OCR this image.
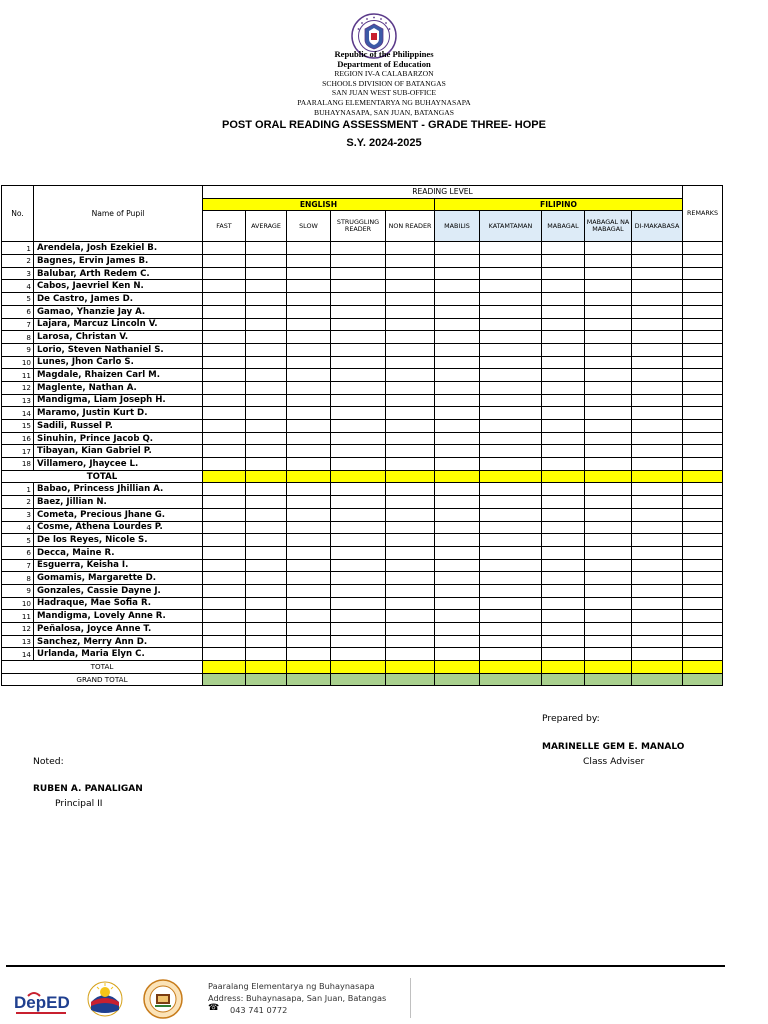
Republic of the Philippines
Department of Education
REGION IV-A CALABARZON
SCHOOLS DIVISION OF BATANGAS
SAN JUAN WEST SUB-OFFICE
PAARALANG ELEMENTARYA NG BUHAYNASAPA
BUHAYNASAPA, SAN JUAN, BATANGAS
POST ORAL READING ASSESSMENT - GRADE THREE- HOPE
S.Y. 2024-2025
No.	Name of Pupil	READING LEVEL										REMARKS
		ENGLISH					FILIPINO					
		FAST	AVERAGE	SLOW	STRUGGLING READER	NON READER	MABILIS	KATAMTAMAN	MABAGAL	MABAGAL NA MABAGAL	DI-MAKABASA	
1	Arendela, Josh Ezekiel B.											
2	Bagnes, Ervin James B.											
3	Balubar, Arth Redem C.											
4	Cabos, Jaevriel Ken N.											
5	De Castro, James D.											
6	Gamao, Yhanzie Jay A.											
7	Lajara, Marcuz Lincoln V.											
8	Larosa, Christan V.											
9	Lorio, Steven Nathaniel S.											
10	Lunes, Jhon Carlo S.											
11	Magdale, Rhaizen Carl M.											
12	Maglente, Nathan A.											
13	Mandigma, Liam Joseph H.											
14	Maramo, Justin Kurt D.											
15	Sadili, Russel P.											
16	Sinuhin, Prince Jacob Q.											
17	Tibayan, Kian Gabriel P.											
18	Villamero, Jhaycee L.											
TOTAL												
1	Babao, Princess Jhillian A.											
2	Baez, Jillian N.											
3	Cometa, Precious Jhane G.											
4	Cosme, Athena Lourdes P.											
5	De los Reyes, Nicole S.											
6	Decca, Maine R.											
7	Esguerra, Keisha I.											
8	Gomamis, Margarette D.											
9	Gonzales, Cassie Dayne J.											
10	Hadraque, Mae Sofia R.											
11	Mandigma, Lovely Anne R.											
12	Peñalosa, Joyce Anne T.											
13	Sanchez, Merry Ann D.											
14	Urlanda, Maria Elyn C.											
TOTAL												
GRAND TOTAL												
Prepared by:
MARINELLE GEM E. MANALO
Class Adviser
Noted:
RUBEN A. PANALIGAN
Principal II
DepED
Paaralang Elementarya ng Buhaynasapa
Address: Buhaynasapa, San Juan, Batangas
☎ 043 741 0772
